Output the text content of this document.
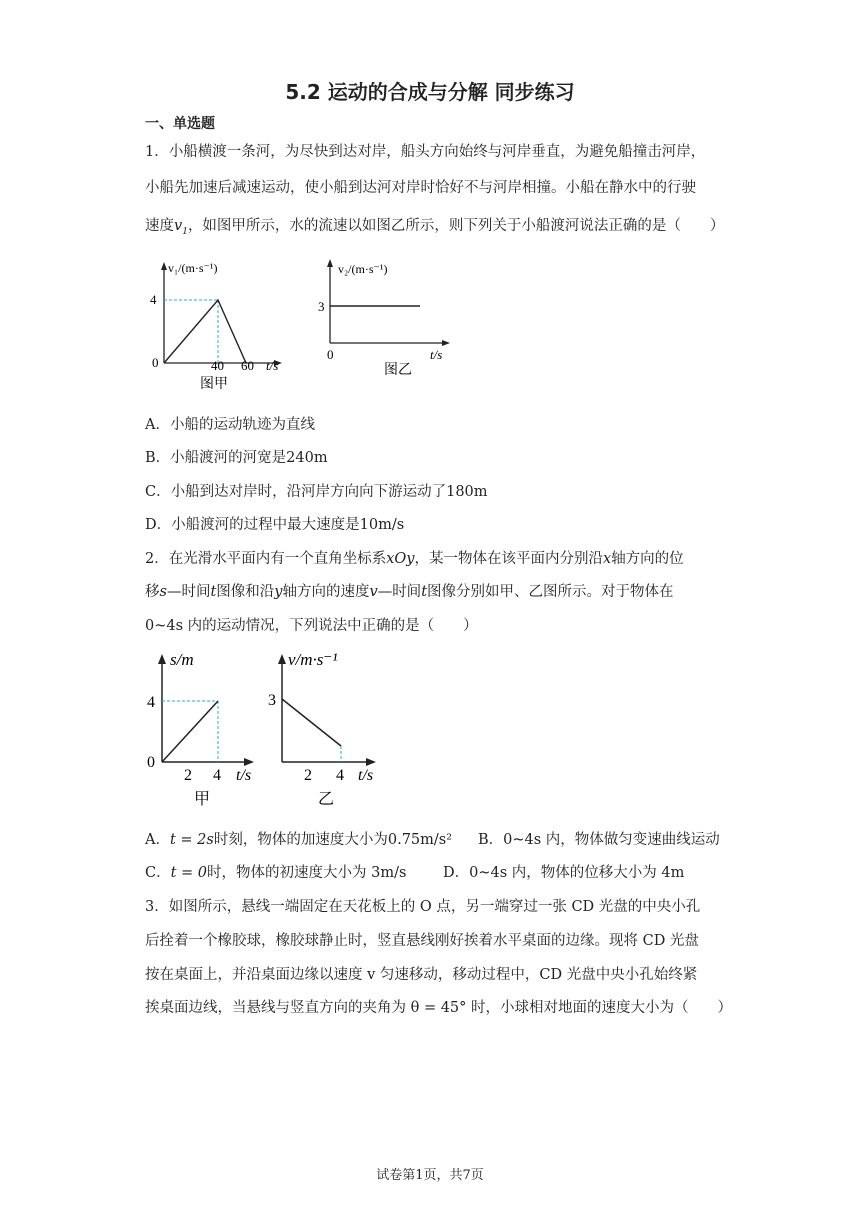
5.2 运动的合成与分解 同步练习
一、单选题
1．小船横渡一条河，为尽快到达对岸，船头方向始终与河岸垂直，为避免船撞击河岸，
小船先加速后减速运动，使小船到达河对岸时恰好不与河岸相撞。小船在静水中的行驶
速度$v_1$，如图甲所示，水的流速以如图乙所示，则下列关于小船渡河说法正确的是（　　）
v₁/(m·s⁻¹)
4
0	40 60 t/s
图甲
v₂/(m·s⁻¹)
3
0	t/s
图乙
A．小船的运动轨迹为直线
B．小船渡河的河宽是240m
C．小船到达对岸时，沿河岸方向向下游运动了180m
D．小船渡河的过程中最大速度是10m/s
2．在光滑水平面内有一个直角坐标系xOy，某一物体在该平面内分别沿x轴方向的位
移s—时间t图像和沿y轴方向的速度v—时间t图像分别如甲、乙图所示。对于物体在
0~4s 内的运动情况，下列说法中正确的是（　　）
s/m
4
0
2 4 t/s
甲
v/m·s⁻¹
3
2 4 t/s
乙
A．t = 2s时刻，物体的加速度大小为0.75m/s² B．0~4s 内，物体做匀变速曲线运动
C．t = 0时，物体的初速度大小为 3m/s	D．0~4s 内，物体的位移大小为 4m
3．如图所示，悬线一端固定在天花板上的 O 点，另一端穿过一张 CD 光盘的中央小孔
后拴着一个橡胶球，橡胶球静止时，竖直悬线刚好挨着水平桌面的边缘。现将 CD 光盘
按在桌面上，并沿桌面边缘以速度 v 匀速移动，移动过程中，CD 光盘中央小孔始终紧
挨桌面边线，当悬线与竖直方向的夹角为 θ = 45° 时，小球相对地面的速度大小为（　　）
试卷第1页，共7页
